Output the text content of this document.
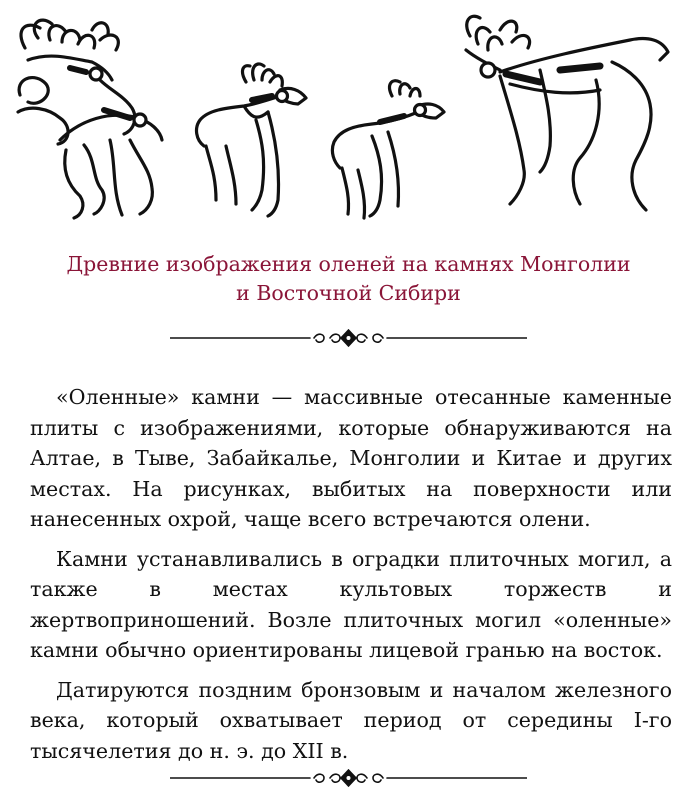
Древние изображения оленей на камнях Монголии
и Восточной Сибири

«Оленные» камни — массивные отесанные каменные плиты с изображениями, которые обнаруживаются на Алтае, в Тыве, Забайкалье, Монголии и Китае и других местах. На рисунках, выбитых на поверхности или нанесенных охрой, чаще всего встречаются олени.

Камни устанавливались в оградки плиточных могил, а также в местах культовых торжеств и жертвоприношений. Возле плиточных могил «оленные» камни обычно ориентированы лицевой гранью на восток.

Датируются поздним бронзовым и началом железного века, который охватывает период от середины I-го тысячелетия до н. э. до XII в.
